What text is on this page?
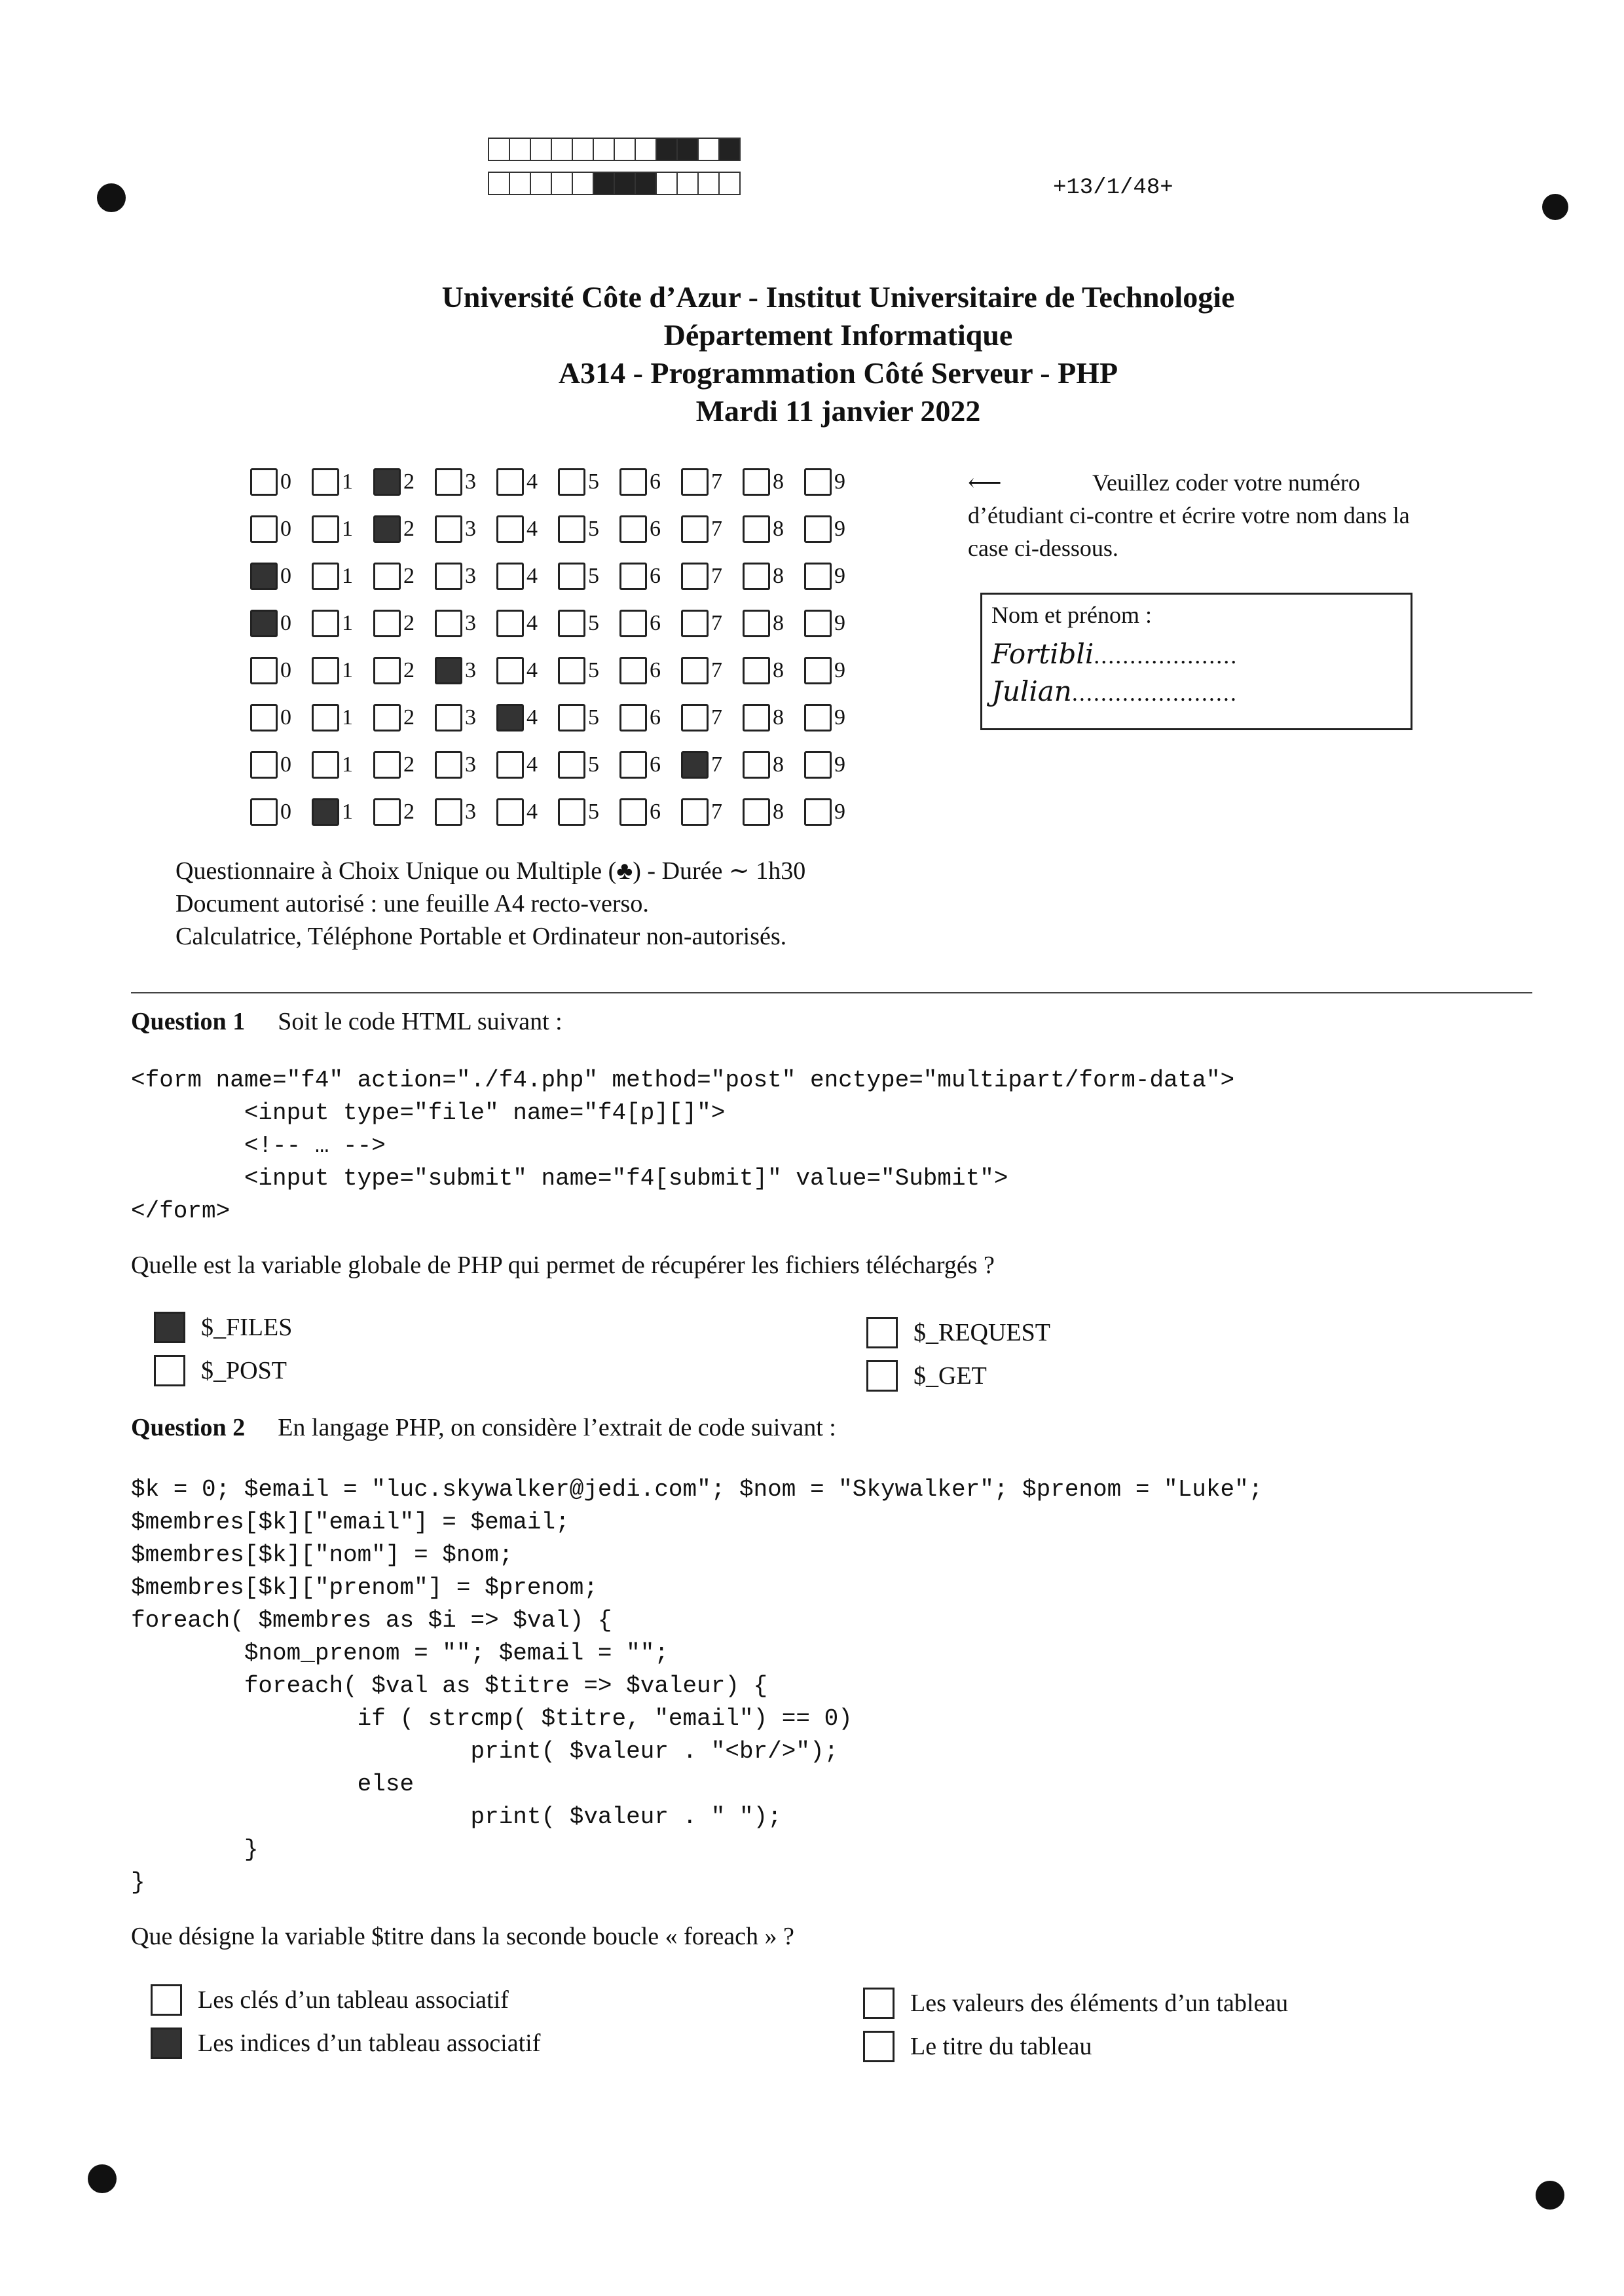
+13/1/48+
Université Côte d’Azur - Institut Universitaire de Technologie
Département Informatique
A314 - Programmation Côté Serveur - PHP
Mardi 11 janvier 2022
0 1 2 3 4 5 6 7 8 9
0 1 2 3 4 5 6 7 8 9
0 1 2 3 4 5 6 7 8 9
0 1 2 3 4 5 6 7 8 9
0 1 2 3 4 5 6 7 8 9
0 1 2 3 4 5 6 7 8 9
0 1 2 3 4 5 6 7 8 9
0 1 2 3 4 5 6 7 8 9
⟵	Veuillez coder votre numéro
d’étudiant ci-contre et écrire votre nom dans la case ci-dessous.
Nom et prénom :
Fortibli....................
Julian.......................
Questionnaire à Choix Unique ou Multiple (♣) - Durée ∼ 1h30
Document autorisé : une feuille A4 recto-verso.
Calculatrice, Téléphone Portable et Ordinateur non-autorisés.
Question 1 Soit le code HTML suivant :
<form name="f4" action="./f4.php" method="post" enctype="multipart/form-data">
<input type="file" name="f4[p][]">
<!-- … -->
<input type="submit" name="f4[submit]" value="Submit">
</form>
Quelle est la variable globale de PHP qui permet de récupérer les fichiers téléchargés ?
$_FILES
$_POST
$_REQUEST
$_GET
Question 2 En langage PHP, on considère l’extrait de code suivant :
$k = 0; $email = "luc.skywalker@jedi.com"; $nom = "Skywalker"; $prenom = "Luke";
$membres[$k]["email"] = $email;
$membres[$k]["nom"] = $nom;
$membres[$k]["prenom"] = $prenom;
foreach( $membres as $i => $val) {
$nom_prenom = ""; $email = "";
foreach( $val as $titre => $valeur) {
if ( strcmp( $titre, "email") == 0)
print( $valeur . "<br/>");
else
print( $valeur . " ");
}
}
Que désigne la variable $titre dans la seconde boucle « foreach » ?
Les clés d’un tableau associatif
Les indices d’un tableau associatif
Les valeurs des éléments d’un tableau
Le titre du tableau
